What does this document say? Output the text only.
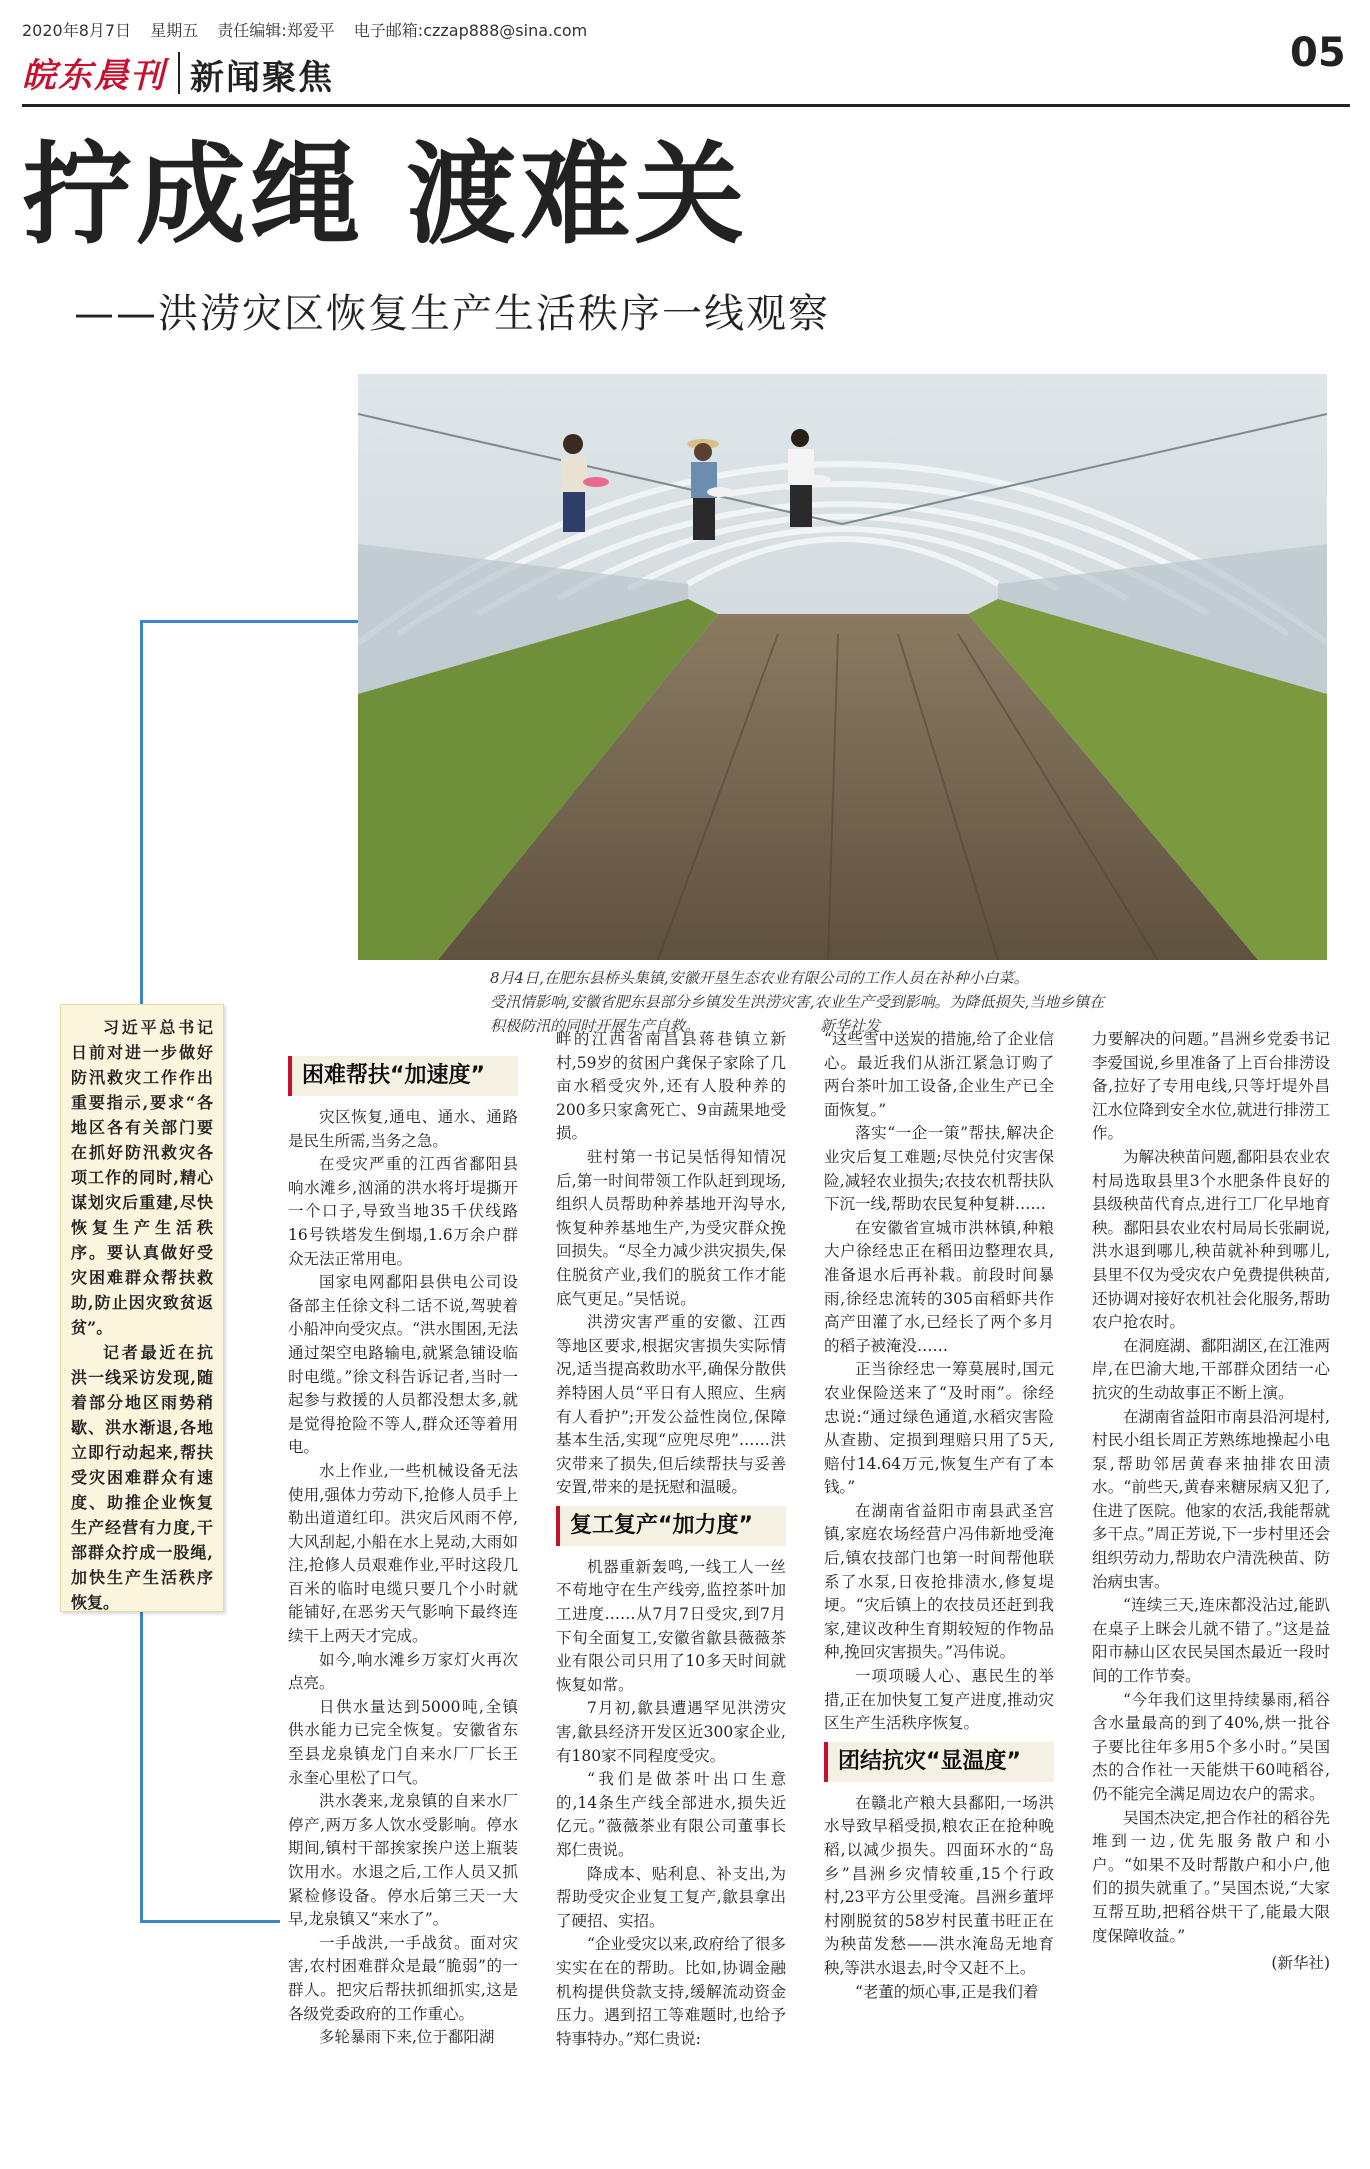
2020年8月7日 星期五 责任编辑:郑爱平 电子邮箱:czzap888@sina.com
皖东晨刊 新闻聚焦
05
拧成绳 渡难关
——洪涝灾区恢复生产生活秩序一线观察
8月4日,在肥东县桥头集镇,安徽开垦生态农业有限公司的工作人员在补种小白菜。
受汛情影响,安徽省肥东县部分乡镇发生洪涝灾害,农业生产受到影响。为降低损失,当地乡镇在
积极防汛的同时开展生产自救。	新华社发

习近平总书记日前对进一步做好防汛救灾工作作出重要指示,要求“各地区各有关部门要在抓好防汛救灾各项工作的同时,精心谋划灾后重建,尽快恢复生产生活秩序。要认真做好受灾困难群众帮扶救助,防止因灾致贫返贫”。

记者最近在抗洪一线采访发现,随着部分地区雨势稍歇、洪水渐退,各地立即行动起来,帮扶受灾困难群众有速度、助推企业恢复生产经营有力度,干部群众拧成一股绳,加快生产生活秩序恢复。

困难帮扶“加速度”

灾区恢复,通电、通水、通路是民生所需,当务之急。

在受灾严重的江西省鄱阳县响水滩乡,汹涌的洪水将圩堤撕开一个口子,导致当地35千伏线路16号铁塔发生倒塌,1.6万余户群众无法正常用电。

国家电网鄱阳县供电公司设备部主任徐文科二话不说,驾驶着小船冲向受灾点。“洪水围困,无法通过架空电路输电,就紧急铺设临时电缆。”徐文科告诉记者,当时一起参与救援的人员都没想太多,就是觉得抢险不等人,群众还等着用电。

水上作业,一些机械设备无法使用,强体力劳动下,抢修人员手上勒出道道红印。洪灾后风雨不停,大风刮起,小船在水上晃动,大雨如注,抢修人员艰难作业,平时这段几百米的临时电缆只要几个小时就能铺好,在恶劣天气影响下最终连续干上两天才完成。

如今,响水滩乡万家灯火再次点亮。

日供水量达到5000吨,全镇供水能力已完全恢复。安徽省东至县龙泉镇龙门自来水厂厂长王永奎心里松了口气。

洪水袭来,龙泉镇的自来水厂停产,两万多人饮水受影响。停水期间,镇村干部挨家挨户送上瓶装饮用水。水退之后,工作人员又抓紧检修设备。停水后第三天一大早,龙泉镇又“来水了”。

一手战洪,一手战贫。面对灾害,农村困难群众是最“脆弱”的一群人。把灾后帮扶抓细抓实,这是各级党委政府的工作重心。

多轮暴雨下来,位于鄱阳湖

畔的江西省南昌县蒋巷镇立新村,59岁的贫困户龚保子家除了几亩水稻受灾外,还有人股种养的200多只家禽死亡、9亩蔬果地受损。

驻村第一书记吴恬得知情况后,第一时间带领工作队赶到现场,组织人员帮助种养基地开沟导水,恢复种养基地生产,为受灾群众挽回损失。“尽全力减少洪灾损失,保住脱贫产业,我们的脱贫工作才能底气更足。”吴恬说。

洪涝灾害严重的安徽、江西等地区要求,根据灾害损失实际情况,适当提高救助水平,确保分散供养特困人员“平日有人照应、生病有人看护”;开发公益性岗位,保障基本生活,实现“应兜尽兜”……洪灾带来了损失,但后续帮扶与妥善安置,带来的是抚慰和温暖。

复工复产“加力度”

机器重新轰鸣,一线工人一丝不苟地守在生产线旁,监控茶叶加工进度……从7月7日受灾,到7月下旬全面复工,安徽省歙县薇薇茶业有限公司只用了10多天时间就恢复如常。

7月初,歙县遭遇罕见洪涝灾害,歙县经济开发区近300家企业,有180家不同程度受灾。

“我们是做茶叶出口生意的,14条生产线全部进水,损失近亿元。”薇薇茶业有限公司董事长郑仁贵说。

降成本、贴利息、补支出,为帮助受灾企业复工复产,歙县拿出了硬招、实招。

“企业受灾以来,政府给了很多实实在在的帮助。比如,协调金融机构提供贷款支持,缓解流动资金压力。遇到招工等难题时,也给予特事特办。”郑仁贵说:

“这些雪中送炭的措施,给了企业信心。最近我们从浙江紧急订购了两台茶叶加工设备,企业生产已全面恢复。”

落实“一企一策”帮扶,解决企业灾后复工难题;尽快兑付灾害保险,减轻农业损失;农技农机帮扶队下沉一线,帮助农民复种复耕……

在安徽省宣城市洪林镇,种粮大户徐经忠正在稻田边整理农具,准备退水后再补栽。前段时间暴雨,徐经忠流转的305亩稻虾共作高产田灌了水,已经长了两个多月的稻子被淹没……

正当徐经忠一筹莫展时,国元农业保险送来了“及时雨”。徐经忠说:“通过绿色通道,水稻灾害险从查勘、定损到理赔只用了5天,赔付14.64万元,恢复生产有了本钱。”

在湖南省益阳市南县武圣宫镇,家庭农场经营户冯伟新地受淹后,镇农技部门也第一时间帮他联系了水泵,日夜抢排渍水,修复堤埂。“灾后镇上的农技员还赶到我家,建议改种生育期较短的作物品种,挽回灾害损失。”冯伟说。

一项项暖人心、惠民生的举措,正在加快复工复产进度,推动灾区生产生活秩序恢复。

团结抗灾“显温度”

在赣北产粮大县鄱阳,一场洪水导致早稻受损,粮农正在抢种晚稻,以减少损失。四面环水的“岛乡”昌洲乡灾情较重,15个行政村,23平方公里受淹。昌洲乡董坪村刚脱贫的58岁村民董书旺正在为秧苗发愁——洪水淹岛无地育秧,等洪水退去,时令又赶不上。

“老董的烦心事,正是我们着

力要解决的问题。”昌洲乡党委书记李爱国说,乡里准备了上百台排涝设备,拉好了专用电线,只等圩堤外昌江水位降到安全水位,就进行排涝工作。

为解决秧苗问题,鄱阳县农业农村局选取县里3个水肥条件良好的县级秧苗代育点,进行工厂化早地育秧。鄱阳县农业农村局局长张嗣说,洪水退到哪儿,秧苗就补种到哪儿,县里不仅为受灾农户免费提供秧苗,还协调对接好农机社会化服务,帮助农户抢农时。

在洞庭湖、鄱阳湖区,在江淮两岸,在巴渝大地,干部群众团结一心抗灾的生动故事正不断上演。

在湖南省益阳市南县沿河堤村,村民小组长周正芳熟练地操起小电泵,帮助邻居黄春来抽排农田渍水。“前些天,黄春来糖尿病又犯了,住进了医院。他家的农活,我能帮就多干点。”周正芳说,下一步村里还会组织劳动力,帮助农户清洗秧苗、防治病虫害。

“连续三天,连床都没沾过,能趴在桌子上眯会儿就不错了。”这是益阳市赫山区农民吴国杰最近一段时间的工作节奏。

“今年我们这里持续暴雨,稻谷含水量最高的到了40%,烘一批谷子要比往年多用5个多小时。”吴国杰的合作社一天能烘干60吨稻谷,仍不能完全满足周边农户的需求。

吴国杰决定,把合作社的稻谷先堆到一边,优先服务散户和小户。“如果不及时帮散户和小户,他们的损失就重了。”吴国杰说,“大家互帮互助,把稻谷烘干了,能最大限度保障收益。”

(新华社)
